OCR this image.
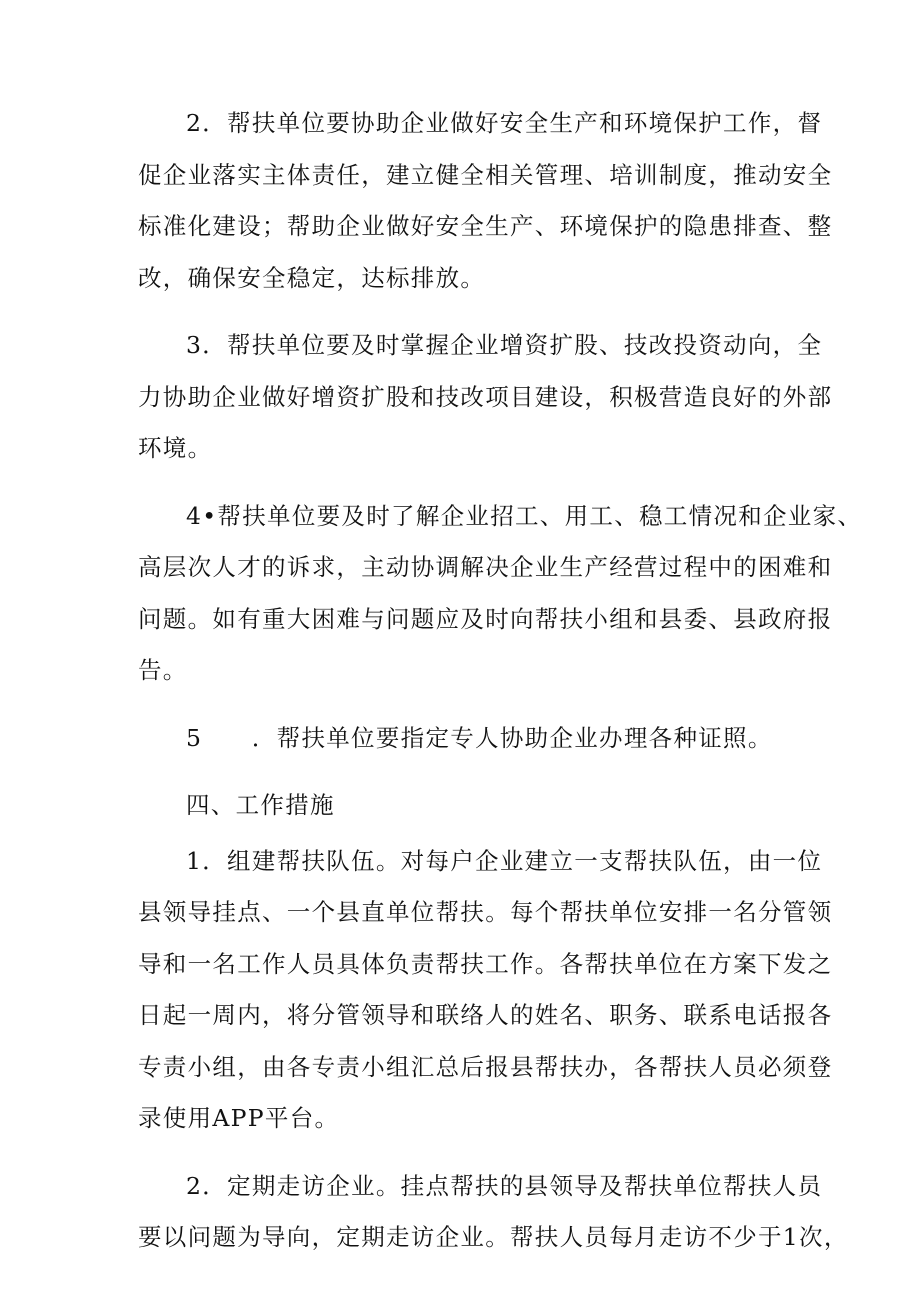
2．帮扶单位要协助企业做好安全生产和环境保护工作，督
促企业落实主体责任，建立健全相关管理、培训制度，推动安全
标准化建设；帮助企业做好安全生产、环境保护的隐患排查、整
改，确保安全稳定，达标排放。
3．帮扶单位要及时掌握企业增资扩股、技改投资动向，全
力协助企业做好增资扩股和技改项目建设，积极营造良好的外部
环境。
4•帮扶单位要及时了解企业招工、用工、稳工情况和企业家、
高层次人才的诉求，主动协调解决企业生产经营过程中的困难和
问题。如有重大困难与问题应及时向帮扶小组和县委、县政府报
告。
5　　．帮扶单位要指定专人协助企业办理各种证照。
四、工作措施
1．组建帮扶队伍。对每户企业建立一支帮扶队伍，由一位
县领导挂点、一个县直单位帮扶。每个帮扶单位安排一名分管领
导和一名工作人员具体负责帮扶工作。各帮扶单位在方案下发之
日起一周内，将分管领导和联络人的姓名、职务、联系电话报各
专责小组，由各专责小组汇总后报县帮扶办，各帮扶人员必须登
录使用APP平台。
2．定期走访企业。挂点帮扶的县领导及帮扶单位帮扶人员
要以问题为导向，定期走访企业。帮扶人员每月走访不少于1次，
